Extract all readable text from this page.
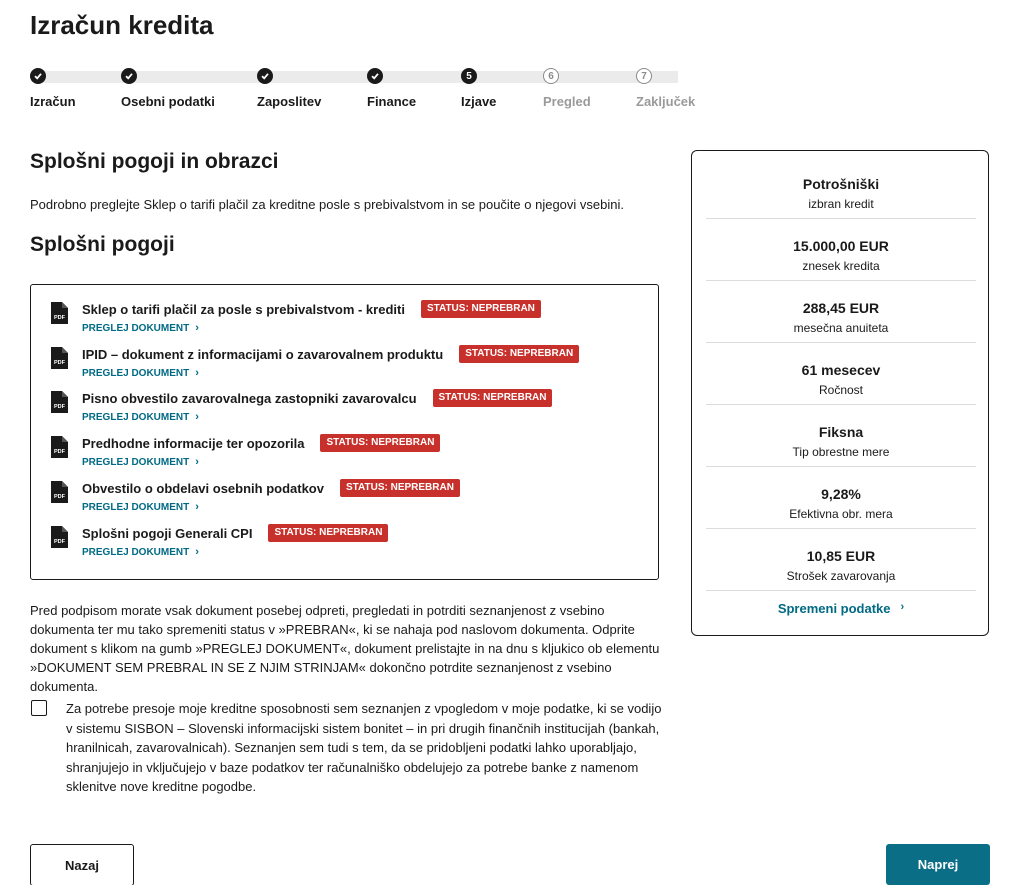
Izračun kredita
Izračun	Osebni podatki	Zaposlitev	Finance
5
Izjave
6
Pregled
7
Zaključek
Splošni pogoji in obrazci
Podrobno preglejte Sklep o tarifi plačil za kreditne posle s prebivalstvom in se poučite o njegovi vsebini.
Splošni pogoji
PDF
Sklep o tarifi plačil za posle s prebivalstvom - krediti	STATUS: NEPREBRAN
PREGLEJ DOKUMENT ›
PDF
IPID – dokument z informacijami o zavarovalnem produktu	STATUS: NEPREBRAN
PREGLEJ DOKUMENT ›
PDF
Pisno obvestilo zavarovalnega zastopniki zavarovalcu	STATUS: NEPREBRAN
PREGLEJ DOKUMENT ›
PDF
Predhodne informacije ter opozorila	STATUS: NEPREBRAN
PREGLEJ DOKUMENT ›
PDF
Obvestilo o obdelavi osebnih podatkov	STATUS: NEPREBRAN
PREGLEJ DOKUMENT ›
PDF
Splošni pogoji Generali CPI	STATUS: NEPREBRAN
PREGLEJ DOKUMENT ›
Pred podpisom morate vsak dokument posebej odpreti, pregledati in potrditi seznanjenost z vsebino dokumenta ter mu tako spremeniti status v »PREBRAN«, ki se nahaja pod naslovom dokumenta. Odprite dokument s klikom na gumb »PREGLEJ DOKUMENT«, dokument prelistajte in na dnu s kljukico ob elementu »DOKUMENT SEM PREBRAL IN SE Z NJIM STRINJAM« dokončno potrdite seznanjenost z vsebino dokumenta.
Za potrebe presoje moje kreditne sposobnosti sem seznanjen z vpogledom v moje podatke, ki se vodijo v sistemu SISBON – Slovenski informacijski sistem bonitet – in pri drugih finančnih institucijah (bankah, hranilnicah, zavarovalnicah). Seznanjen sem tudi s tem, da se pridobljeni podatki lahko uporabljajo, shranjujejo in vključujejo v baze podatkov ter računalniško obdelujejo za potrebe banke z namenom sklenitve nove kreditne pogodbe.
Nazaj	Naprej
Potrošniški
izbran kredit
15.000,00 EUR
znesek kredita
288,45 EUR
mesečna anuiteta
61 mesecev
Ročnost
Fiksna
Tip obrestne mere
9,28%
Efektivna obr. mera
10,85 EUR
Strošek zavarovanja
Spremeni podatke ›
